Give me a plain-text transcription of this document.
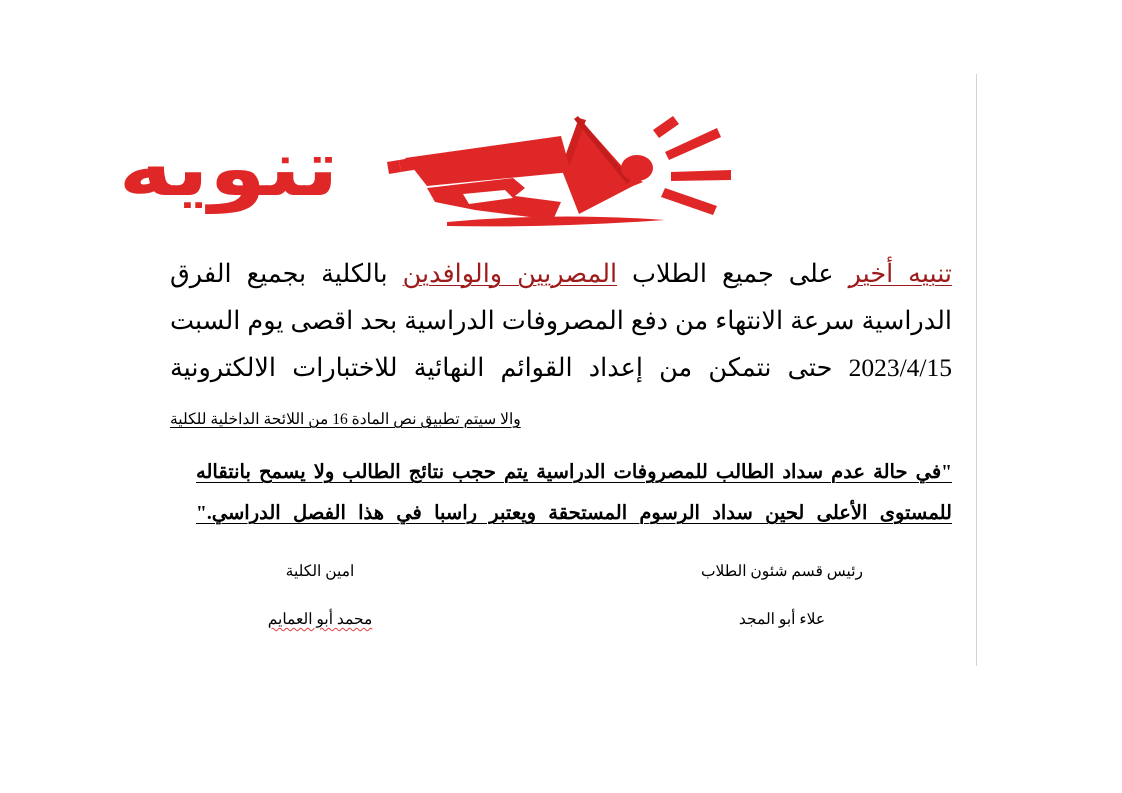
تنويه

تنبيه أخير على جميع الطلاب المصريين والوافدين بالكلية بجميع الفرق الدراسية سرعة الانتهاء من دفع المصروفات الدراسية بحد اقصى يوم السبت 2023/4/15 حتى نتمكن من إعداد القوائم النهائية للاختبارات الالكترونية

والا سيتم تطبيق نص المادة 16 من اللائحة الداخلية للكلية

"في حالة عدم سداد الطالب للمصروفات الدراسية يتم حجب نتائج الطالب ولا يسمح بانتقاله للمستوى الأعلى لحين سداد الرسوم المستحقة ويعتبر راسبا في هذا الفصل الدراسي."

رئيس قسم شئون الطلاب

علاء أبو المجد

امين الكلية

محمد أبو العمايم
